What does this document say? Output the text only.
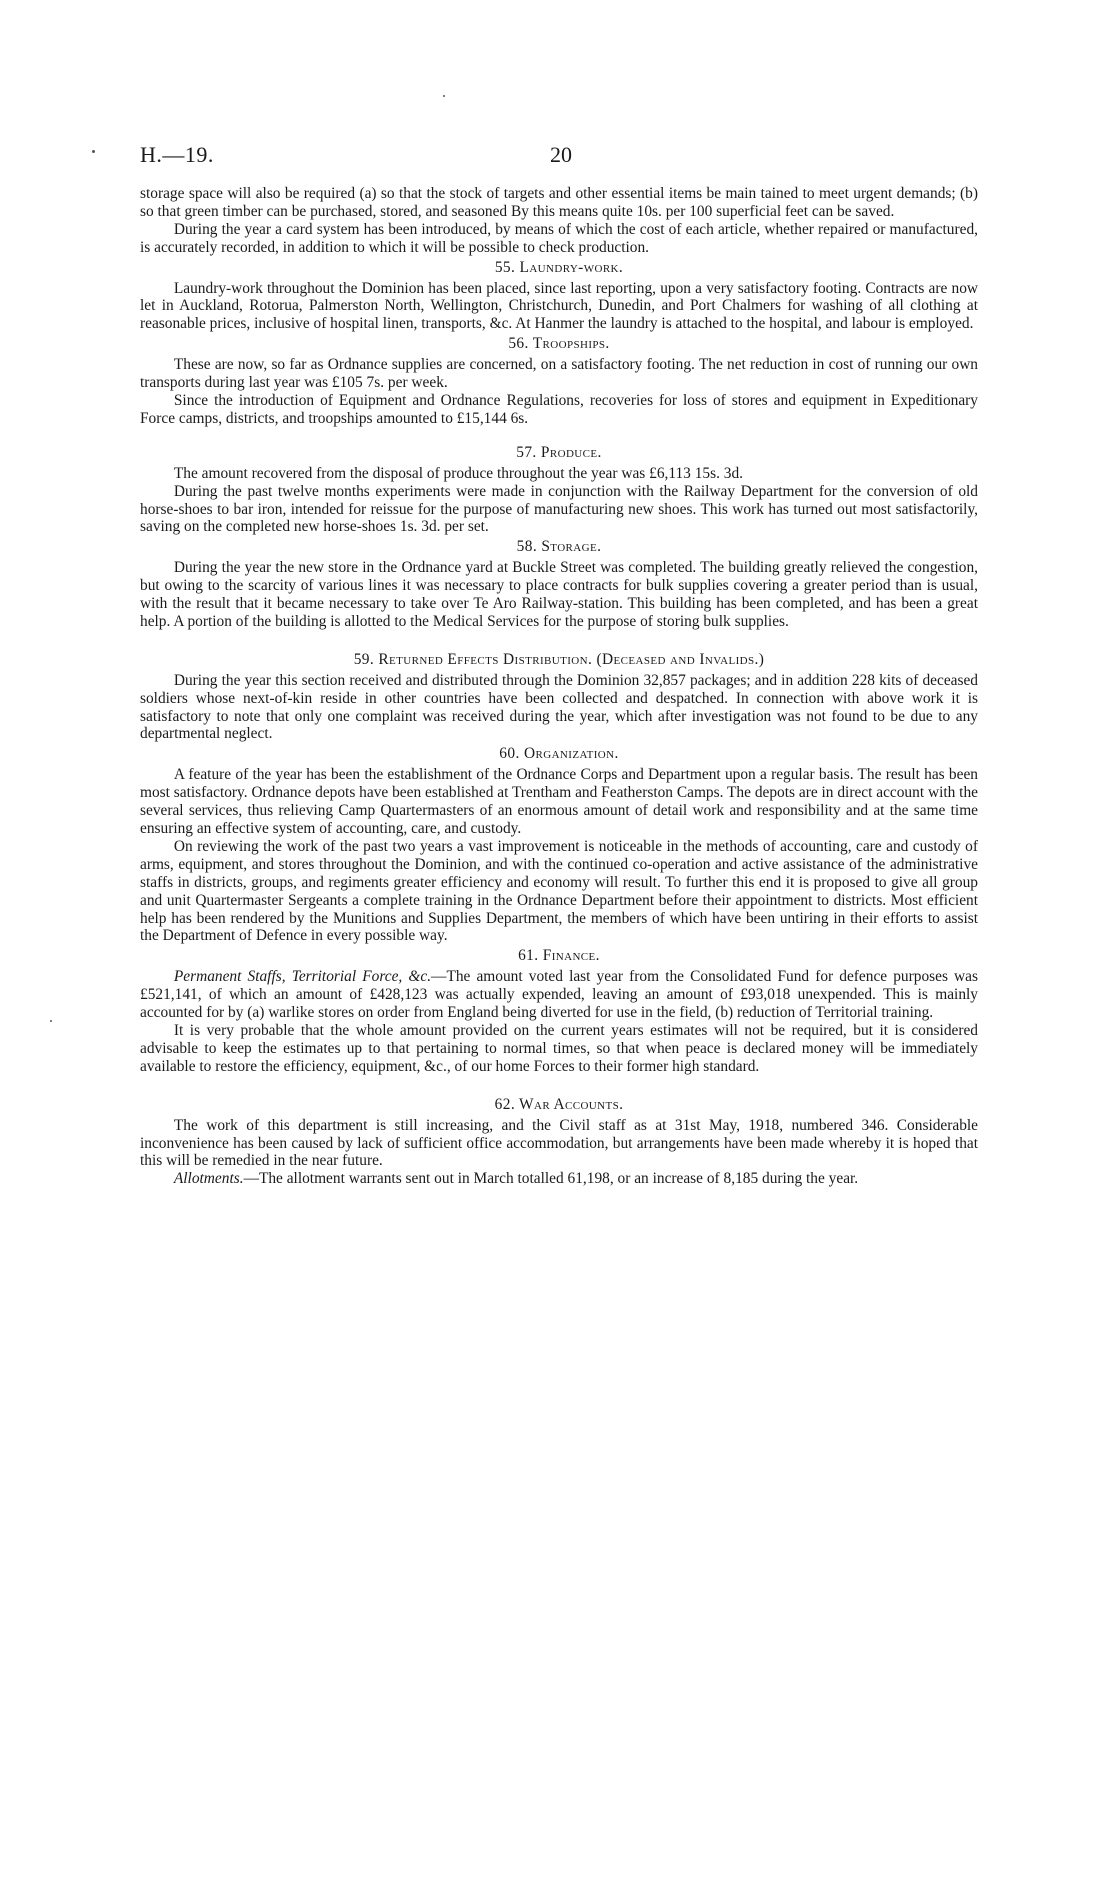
H.—19.	20

storage space will also be required (a) so that the stock of targets and other essential items be main tained to meet urgent demands; (b) so that green timber can be purchased, stored, and seasoned By this means quite 10s. per 100 superficial feet can be saved.

During the year a card system has been introduced, by means of which the cost of each article, whether repaired or manufactured, is accurately recorded, in addition to which it will be possible to check production.

55. Laundry-work.

Laundry-work throughout the Dominion has been placed, since last reporting, upon a very satisfactory footing. Contracts are now let in Auckland, Rotorua, Palmerston North, Wellington, Christchurch, Dunedin, and Port Chalmers for washing of all clothing at reasonable prices, inclusive of hospital linen, transports, &c. At Hanmer the laundry is attached to the hospital, and labour is employed.

56. Troopships.

These are now, so far as Ordnance supplies are concerned, on a satisfactory footing. The net reduction in cost of running our own transports during last year was £105 7s. per week.

Since the introduction of Equipment and Ordnance Regulations, recoveries for loss of stores and equipment in Expeditionary Force camps, districts, and troopships amounted to £15,144 6s.

57. Produce.

The amount recovered from the disposal of produce throughout the year was £6,113 15s. 3d.

During the past twelve months experiments were made in conjunction with the Railway Department for the conversion of old horse-shoes to bar iron, intended for reissue for the purpose of manufacturing new shoes. This work has turned out most satisfactorily, saving on the completed new horse-shoes 1s. 3d. per set.

58. Storage.

During the year the new store in the Ordnance yard at Buckle Street was completed. The building greatly relieved the congestion, but owing to the scarcity of various lines it was necessary to place contracts for bulk supplies covering a greater period than is usual, with the result that it became necessary to take over Te Aro Railway-station. This building has been completed, and has been a great help. A portion of the building is allotted to the Medical Services for the purpose of storing bulk supplies.

59. Returned Effects Distribution. (Deceased and Invalids.)

During the year this section received and distributed through the Dominion 32,857 packages; and in addition 228 kits of deceased soldiers whose next-of-kin reside in other countries have been collected and despatched. In connection with above work it is satisfactory to note that only one complaint was received during the year, which after investigation was not found to be due to any departmental neglect.

60. Organization.

A feature of the year has been the establishment of the Ordnance Corps and Department upon a regular basis. The result has been most satisfactory. Ordnance depots have been established at Trentham and Featherston Camps. The depots are in direct account with the several services, thus relieving Camp Quartermasters of an enormous amount of detail work and responsibility and at the same time ensuring an effective system of accounting, care, and custody.

On reviewing the work of the past two years a vast improvement is noticeable in the methods of accounting, care and custody of arms, equipment, and stores throughout the Dominion, and with the continued co-operation and active assistance of the administrative staffs in districts, groups, and regiments greater efficiency and economy will result. To further this end it is proposed to give all group and unit Quartermaster Sergeants a complete training in the Ordnance Department before their appointment to districts. Most efficient help has been rendered by the Munitions and Supplies Department, the members of which have been untiring in their efforts to assist the Department of Defence in every possible way.

61. Finance.

Permanent Staffs, Territorial Force, &c.—The amount voted last year from the Consolidated Fund for defence purposes was £521,141, of which an amount of £428,123 was actually expended, leaving an amount of £93,018 unexpended. This is mainly accounted for by (a) warlike stores on order from England being diverted for use in the field, (b) reduction of Territorial training.

It is very probable that the whole amount provided on the current years estimates will not be required, but it is considered advisable to keep the estimates up to that pertaining to normal times, so that when peace is declared money will be immediately available to restore the efficiency, equipment, &c., of our home Forces to their former high standard.

62. War Accounts.

The work of this department is still increasing, and the Civil staff as at 31st May, 1918, numbered 346. Considerable inconvenience has been caused by lack of sufficient office accommodation, but arrangements have been made whereby it is hoped that this will be remedied in the near future.

Allotments.—The allotment warrants sent out in March totalled 61,198, or an increase of 8,185 during the year.
